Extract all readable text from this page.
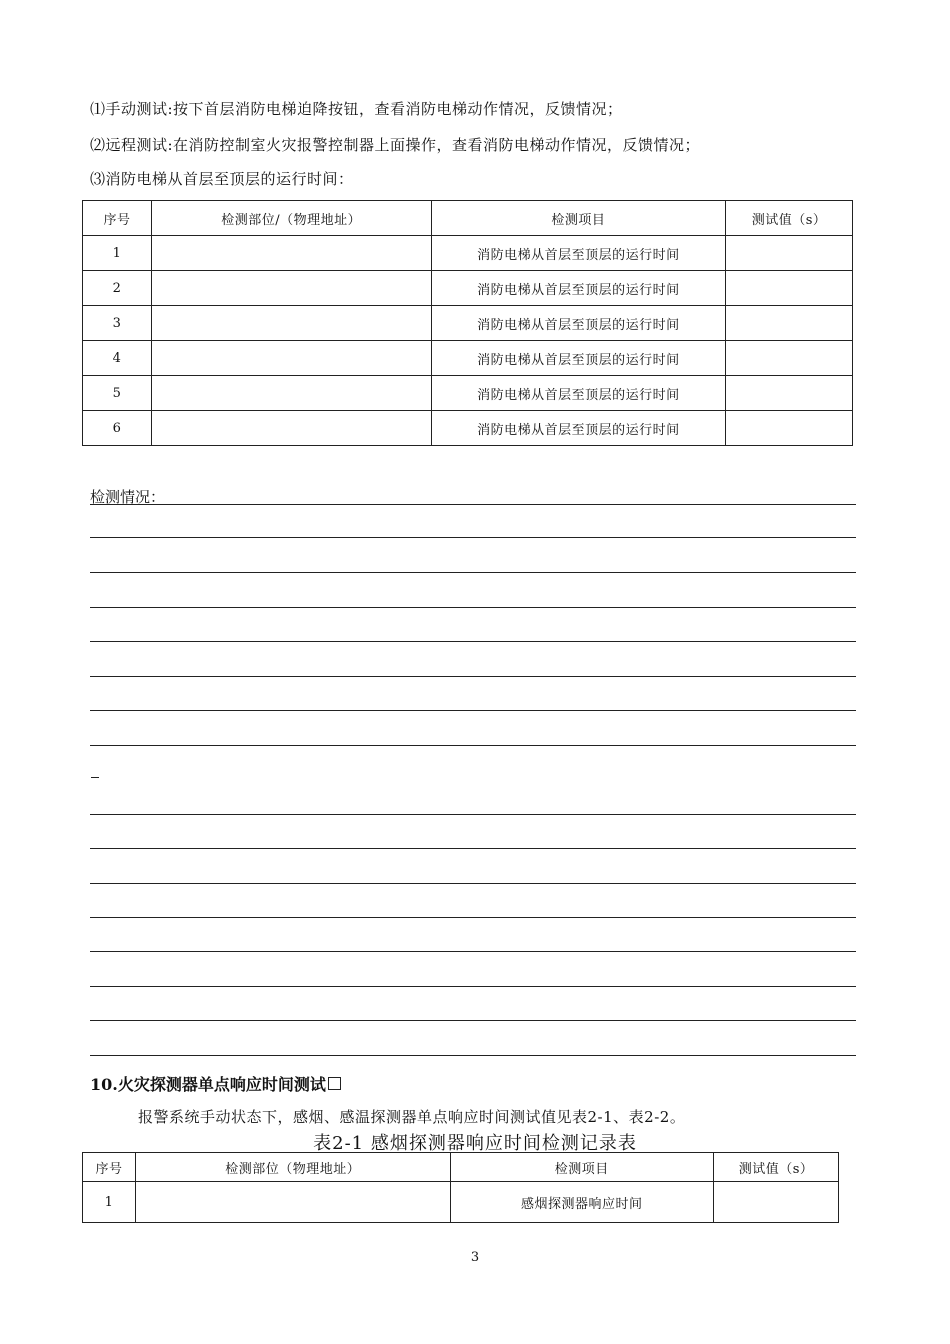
⑴手动测试:按下首层消防电梯迫降按钮，查看消防电梯动作情况，反馈情况；
⑵远程测试:在消防控制室火灾报警控制器上面操作，查看消防电梯动作情况，反馈情况；
⑶消防电梯从首层至顶层的运行时间：
序号	检测部位/（物理地址）	检测项目	测试值（s）
1		消防电梯从首层至顶层的运行时间	
2		消防电梯从首层至顶层的运行时间	
3		消防电梯从首层至顶层的运行时间	
4		消防电梯从首层至顶层的运行时间	
5		消防电梯从首层至顶层的运行时间	
6		消防电梯从首层至顶层的运行时间	
检测情况：
10.火灾探测器单点响应时间测试
报警系统手动状态下，感烟、感温探测器单点响应时间测试值见表2-1、表2-2。
表2-1 感烟探测器响应时间检测记录表
序号	检测部位（物理地址）	检测项目	测试值（s）
1		感烟探测器响应时间	
3
